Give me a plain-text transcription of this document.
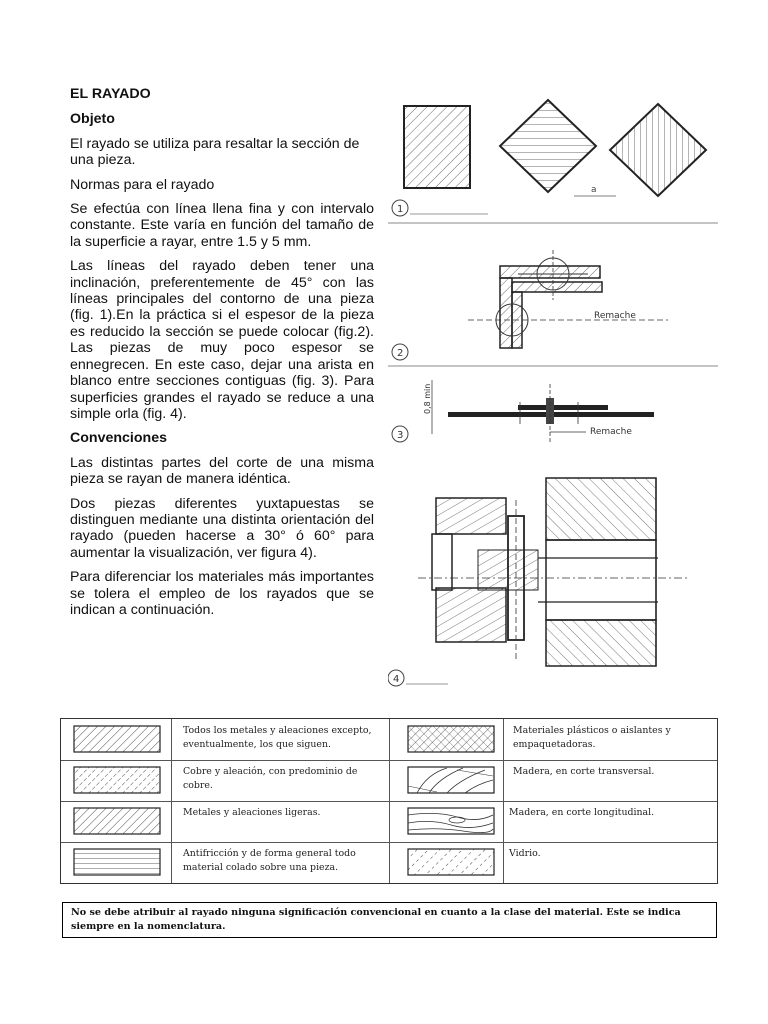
EL RAYADO
Objeto

El rayado se utiliza para resaltar la sección de una pieza.

Normas para el rayado

Se efectúa con línea llena fina y con intervalo constante. Este varía en función del tamaño de la superficie a rayar, entre 1.5 y 5 mm.

Las líneas del rayado deben tener una inclinación, preferentemente de 45° con las líneas principales del contorno de una pieza (fig. 1).En la práctica si el espesor de la pieza es reducido la sección se puede colocar (fig.2). Las piezas de muy poco espesor se ennegrecen. En este caso, dejar una arista en blanco entre secciones contiguas (fig. 3). Para superficies grandes el rayado se reduce a una simple orla (fig. 4).

Convenciones

Las distintas partes del corte de una misma pieza se rayan de manera idéntica.

Dos piezas diferentes yuxtapuestas se distinguen mediante una distinta orientación del rayado (pueden hacerse a 30° ó 60° para aumentar la visualización, ver figura 4).

Para diferenciar los materiales más importantes se tolera el empleo de los rayados que se indican a continuación.

a
1
Remache
2
0,8 min
Remache
3
4
Todos los metales y aleaciones excepto, eventualmente, los que siguen.
Materiales plásticos o aislantes y empaquetadoras.
Cobre y aleación, con predominio de cobre.
Madera, en corte transversal.
Metales y aleaciones ligeras.	Madera, en corte longitudinal.
Antifricción y de forma general todo material colado sobre una pieza.
Vidrio.
No se debe atribuir al rayado ninguna significación convencional en cuanto a la clase del material. Este se indica siempre en la nomenclatura.
